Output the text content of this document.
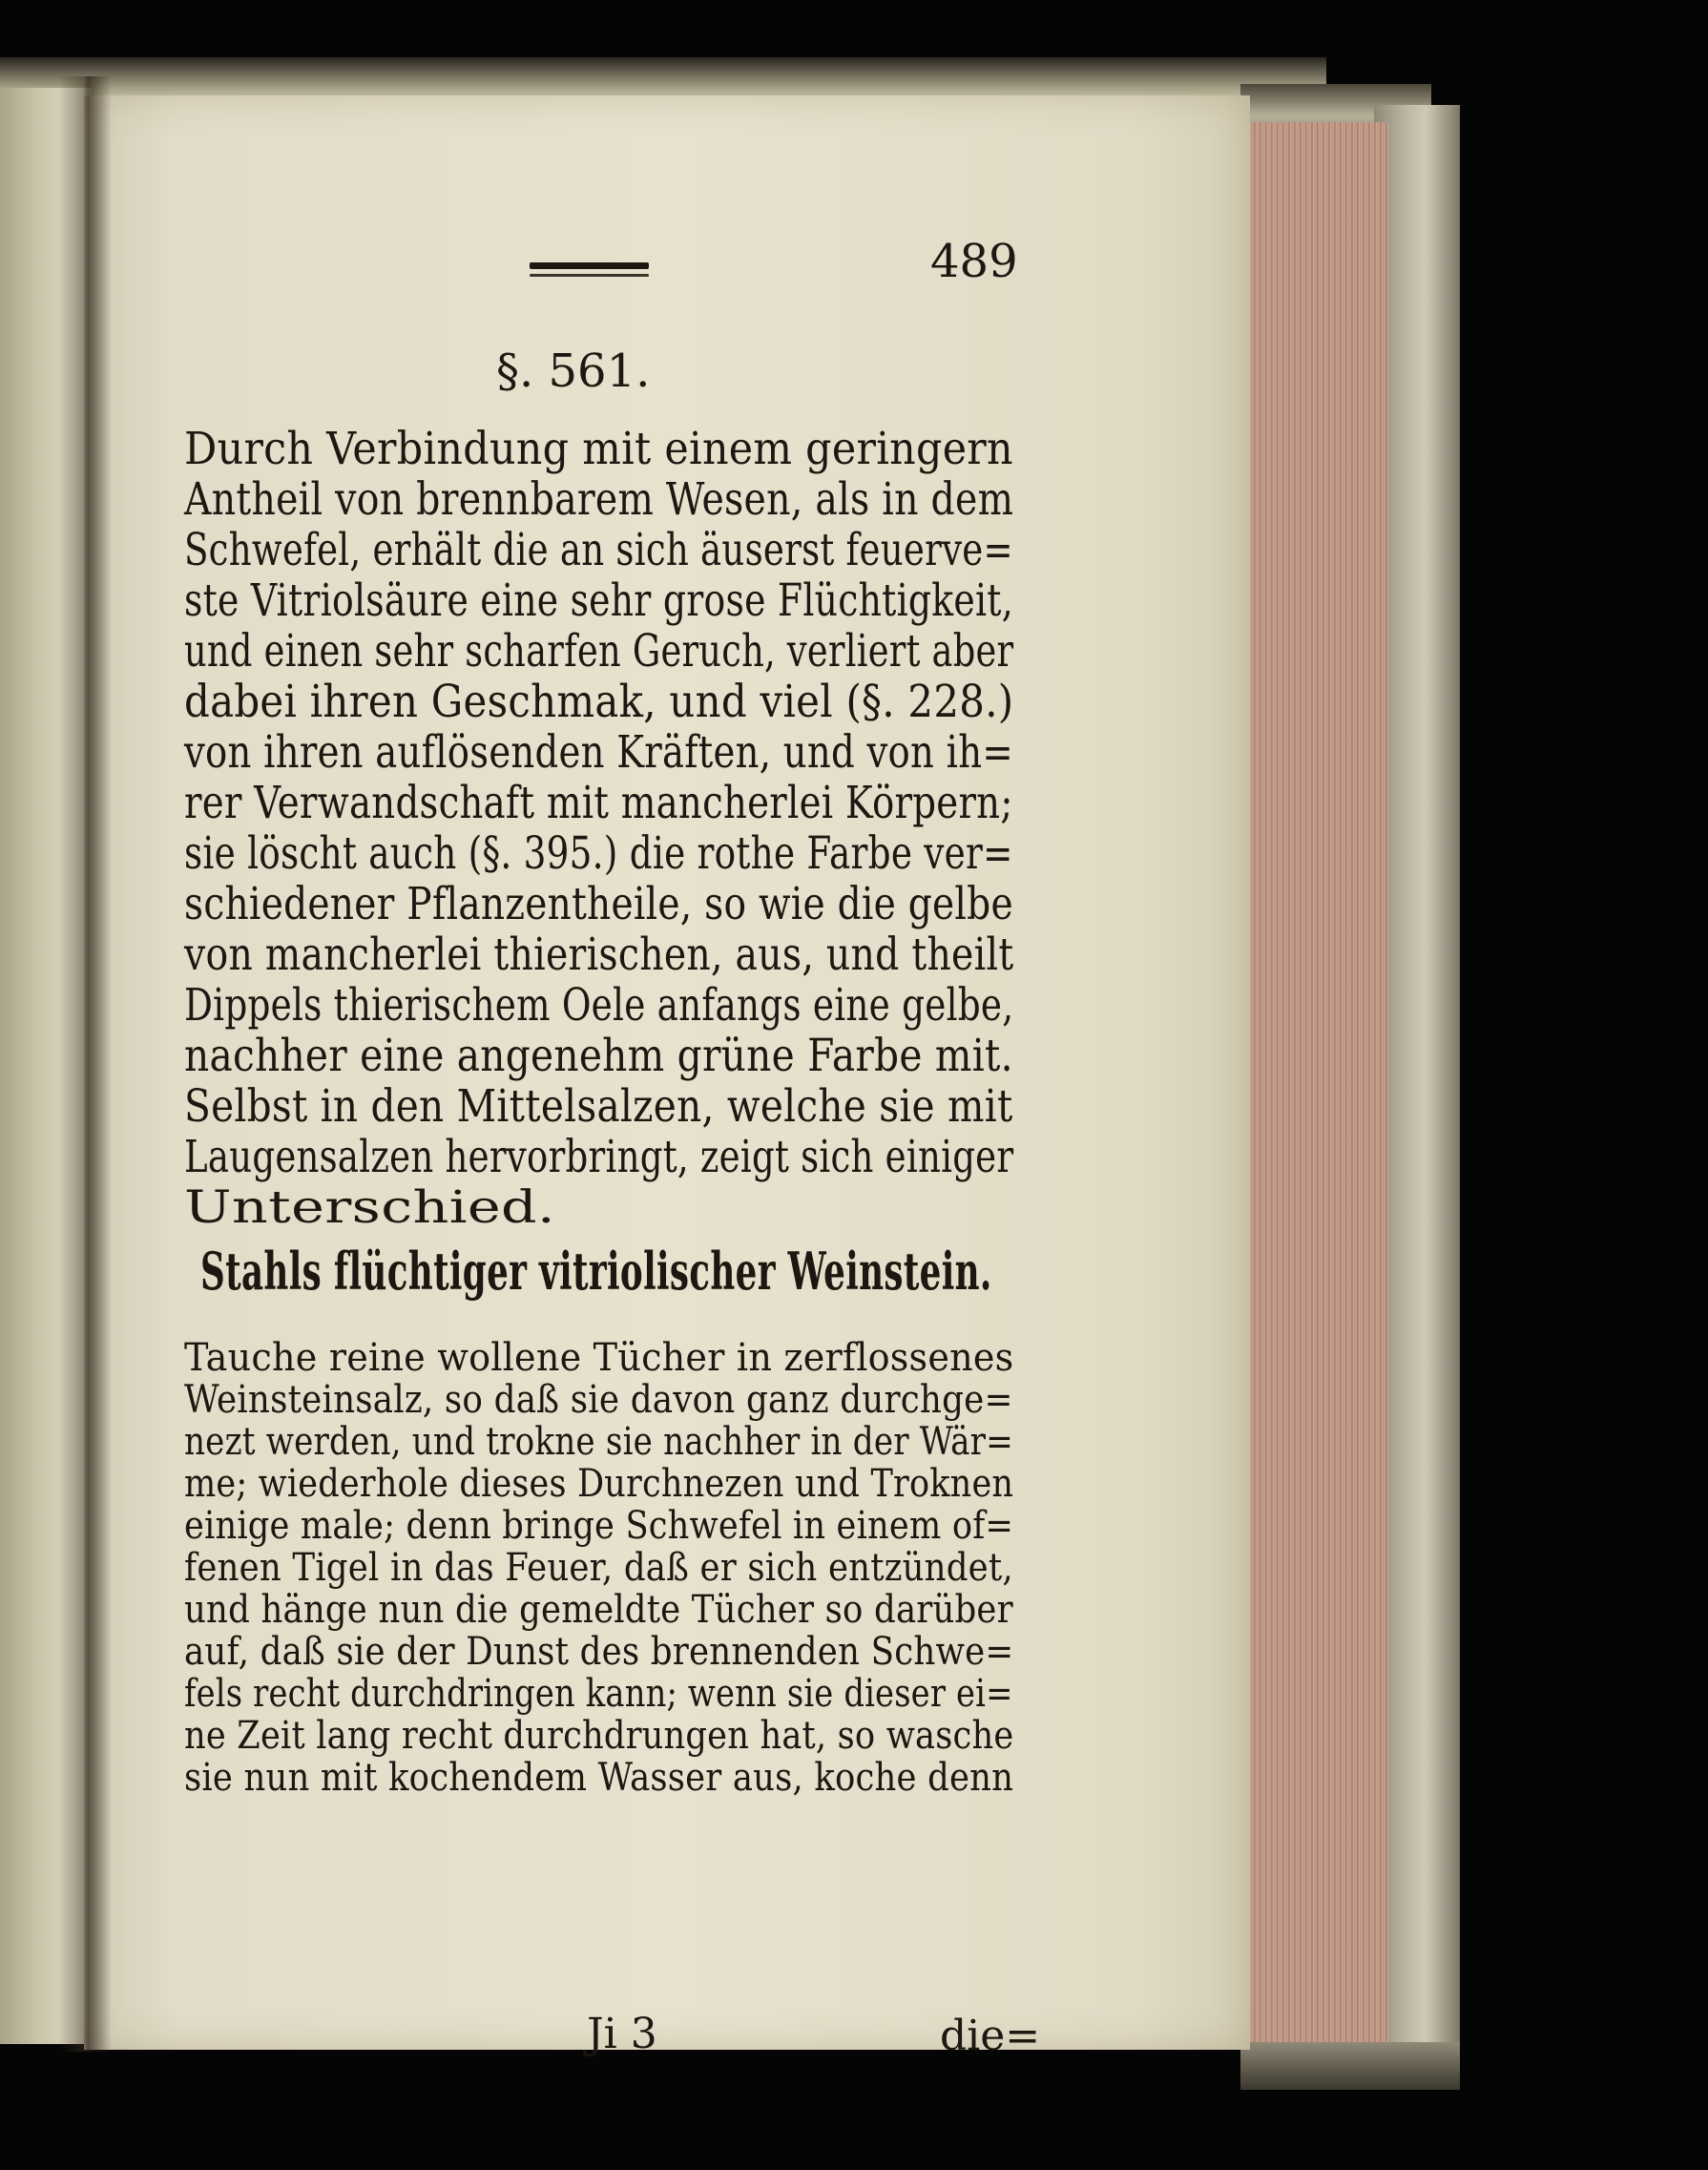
489
§. 561.
Durch Verbindung mit einem geringern
Antheil von brennbarem Wesen, als in dem
Schwefel, erhält die an sich äuserst feuerve=
ste Vitriolsäure eine sehr grose Flüchtigkeit,
und einen sehr scharfen Geruch, verliert aber
dabei ihren Geschmak, und viel (§. 228.)
von ihren auflösenden Kräften, und von ih=
rer Verwandschaft mit mancherlei Körpern;
sie löscht auch (§. 395.) die rothe Farbe ver=
schiedener Pflanzentheile, so wie die gelbe
von mancherlei thierischen, aus, und theilt
Dippels thierischem Oele anfangs eine gelbe,
nachher eine angenehm grüne Farbe mit.
Selbst in den Mittelsalzen, welche sie mit
Laugensalzen hervorbringt, zeigt sich einiger
Unterschied.
Stahls flüchtiger vitriolischer Weinstein.
Tauche reine wollene Tücher in zerflossenes
Weinsteinsalz, so daß sie davon ganz durchge=
nezt werden, und trokne sie nachher in der Wär=
me; wiederhole dieses Durchnezen und Troknen
einige male; denn bringe Schwefel in einem of=
fenen Tigel in das Feuer, daß er sich entzündet,
und hänge nun die gemeldte Tücher so darüber
auf, daß sie der Dunst des brennenden Schwe=
fels recht durchdringen kann; wenn sie dieser ei=
ne Zeit lang recht durchdrungen hat, so wasche
sie nun mit kochendem Wasser aus, koche denn
Ji 3	die=
